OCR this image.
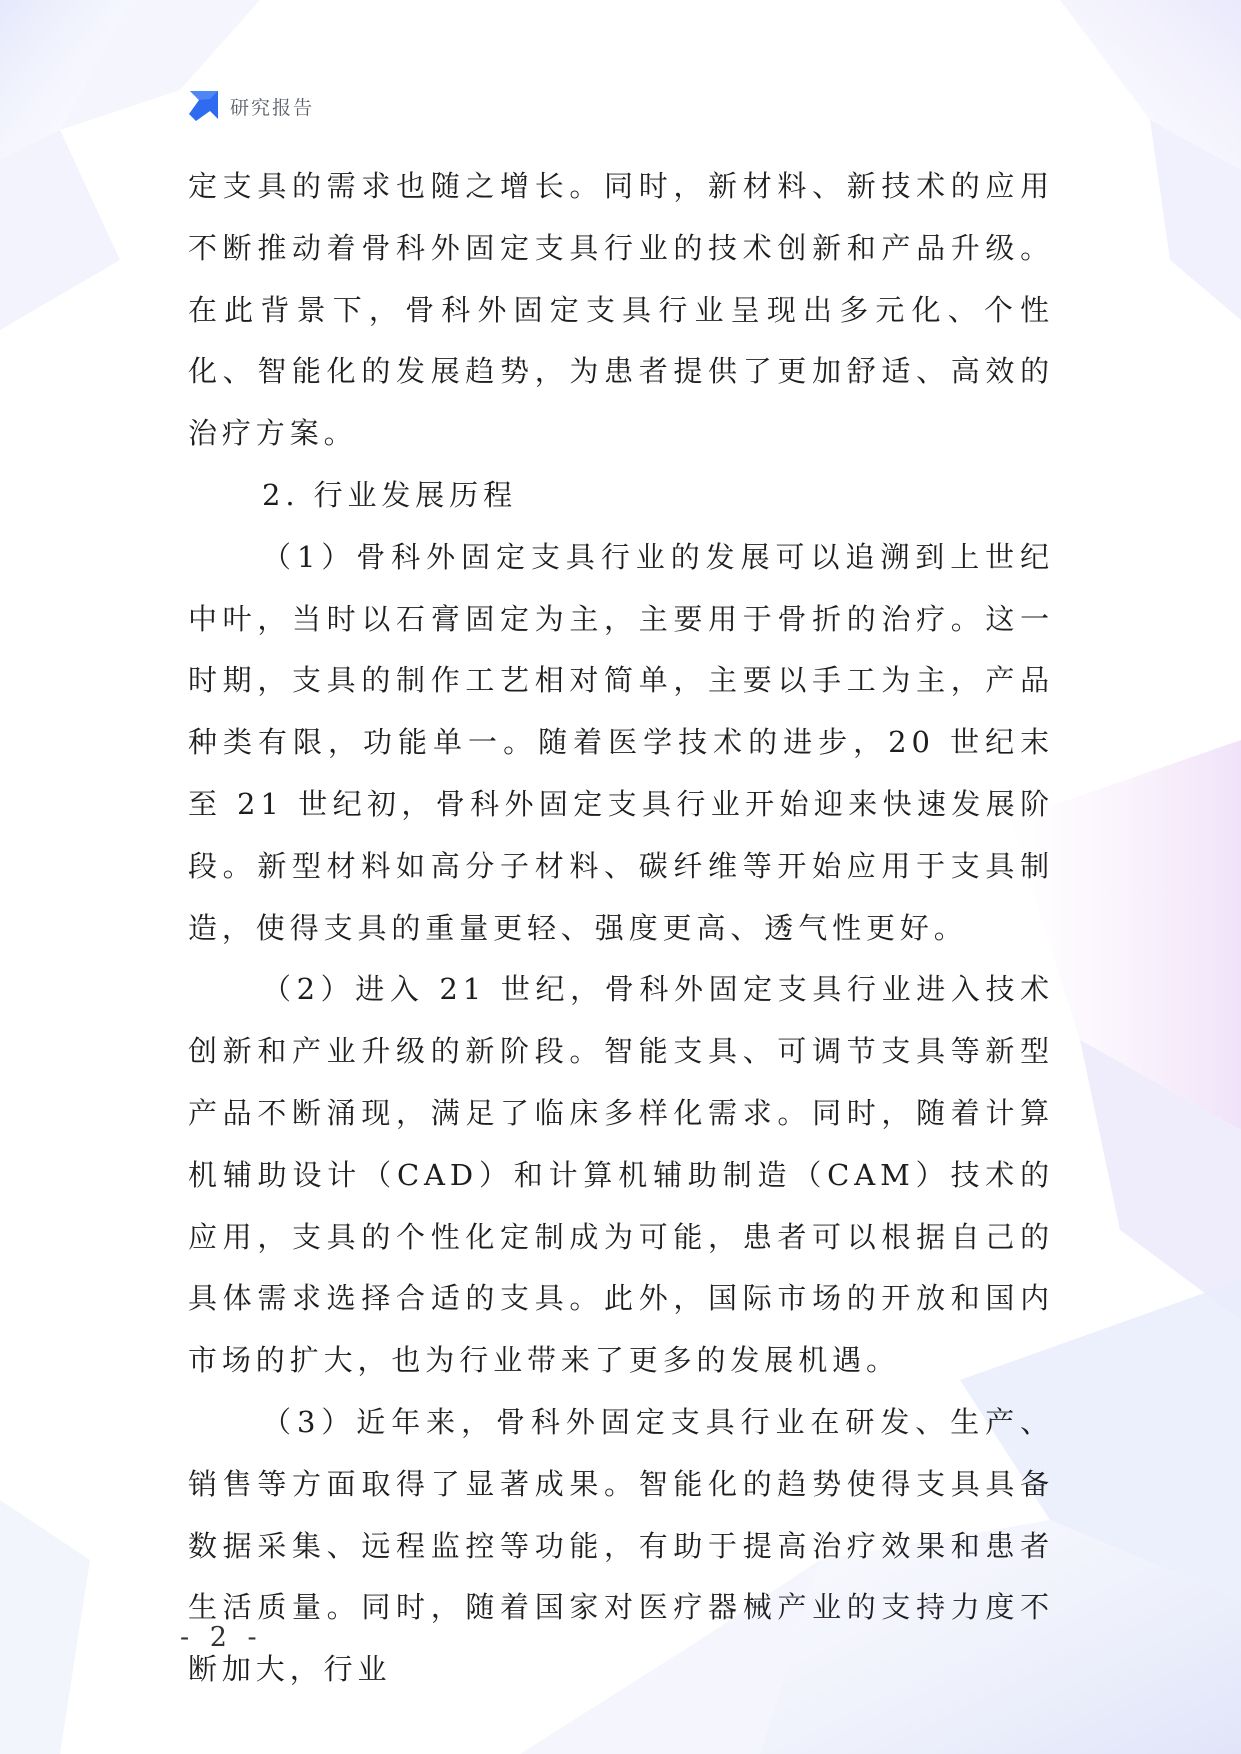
研究报告

定支具的需求也随之增长。同时，新材料、新技术的应用不断推动着骨科外固定支具行业的技术创新和产品升级。在此背景下，骨科外固定支具行业呈现出多元化、个性化、智能化的发展趋势，为患者提供了更加舒适、高效的治疗方案。

2. 行业发展历程

（1）骨科外固定支具行业的发展可以追溯到上世纪中叶，当时以石膏固定为主，主要用于骨折的治疗。这一时期，支具的制作工艺相对简单，主要以手工为主，产品种类有限，功能单一。随着医学技术的进步，20 世纪末至 21 世纪初，骨科外固定支具行业开始迎来快速发展阶段。新型材料如高分子材料、碳纤维等开始应用于支具制造，使得支具的重量更轻、强度更高、透气性更好。

（2）进入 21 世纪，骨科外固定支具行业进入技术创新和产业升级的新阶段。智能支具、可调节支具等新型产品不断涌现，满足了临床多样化需求。同时，随着计算机辅助设计（CAD）和计算机辅助制造（CAM）技术的应用，支具的个性化定制成为可能，患者可以根据自己的具体需求选择合适的支具。此外，国际市场的开放和国内市场的扩大，也为行业带来了更多的发展机遇。

（3）近年来，骨科外固定支具行业在研发、生产、销售等方面取得了显著成果。智能化的趋势使得支具具备数据采集、远程监控等功能，有助于提高治疗效果和患者生活质量。同时，随着国家对医疗器械产业的支持力度不断加大，行业

- 2 -
